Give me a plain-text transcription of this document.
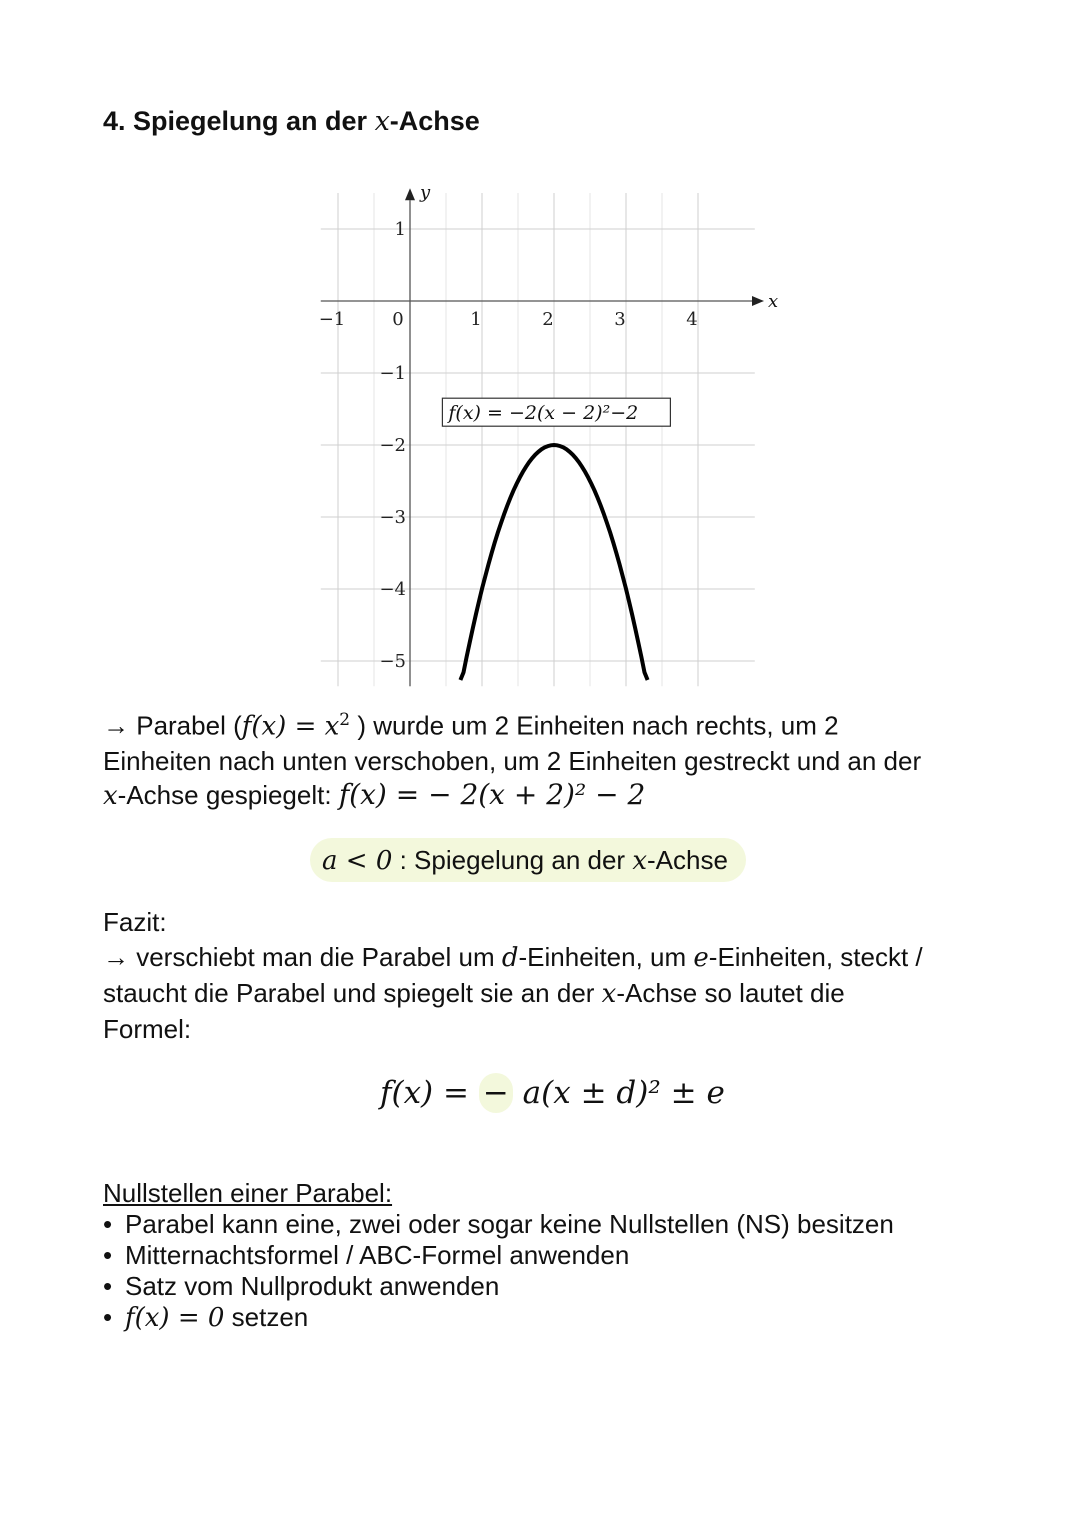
4. Spiegelung an der x-Achse
x
y
−1	0	1	2	3	4
1
−1
−2
−3
−4
−5
f(x) = −2(x − 2)²−2
→ Parabel ($f(x) = x^2$ ) wurde um 2 Einheiten nach rechts, um 2
Einheiten nach unten verschoben, um 2 Einheiten gestreckt und an der
x-Achse gespiegelt: f(x) = − 2(x + 2)² − 2
a < 0 : Spiegelung an der x-Achse
Fazit:
→ verschiebt man die Parabel um d-Einheiten, um e-Einheiten, steckt /
staucht die Parabel und spiegelt sie an der x-Achse so lautet die
Formel:
f(x) = − a(x ± d)² ± e
Nullstellen einer Parabel:
• Parabel kann eine, zwei oder sogar keine Nullstellen (NS) besitzen
• Mitternachtsformel / ABC-Formel anwenden
• Satz vom Nullprodukt anwenden
• f(x) = 0 setzen
